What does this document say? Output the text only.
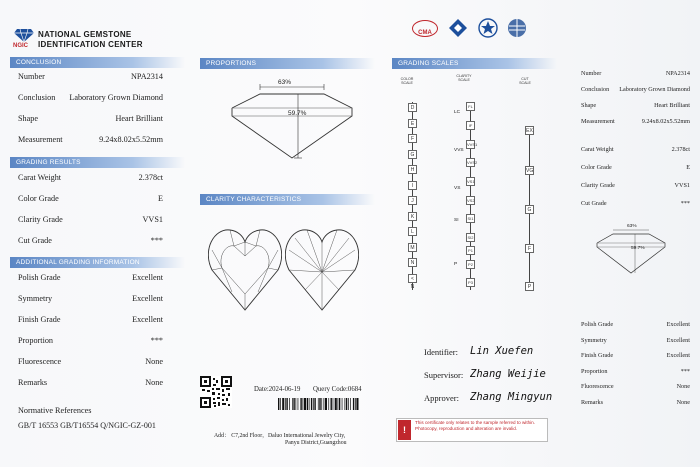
NGIC
NATIONAL GEMSTONE
IDENTIFICATION CENTER
CONCLUSION
GRADING RESULTS
ADDITIONAL GRADING INFORMATION
Normative References
GB/T 16553 GB/T16554 Q/NGIC-GZ-001
PROPORTIONS
63%
59.7%
CLARITY CHARACTERISTICS
Date:2024-06-19 Query Code:0684
Add： C7,2nd Floor，Daluo International Jewelry City,
Panyu District,Guangzhou
CMA
GRADING SCALES
COLOR SCALE
CLARITY SCALE	CUT SCALE
!
This certificate only relates to the sample referred to within. Photocopy, reproduction and alteration are invalid.
63%
59.7%
Number	NPA2314
Conclusion Laboratory Grown Diamond
Shape	Heart Brilliant
Measurement	9.24x8.02x5.52mm
Carat Weight	2.378ct
Color Grade	E
Clarity Grade	VVS1
Cut Grade	***
Polish Grade	Excellent
Symmetry	Excellent
Finish Grade	Excellent
Proportion	***
Fluorescence	None
Remarks	None
Number	NPA2314
Conclusion Laboratory Grown Diamond
Shape	Heart Brilliant
Measurement	9.24x8.02x5.52mm
Carat Weight	2.378ct
Color Grade	E
Clarity Grade	VVS1
Cut Grade	***
Polish Grade	Excellent
Symmetry	Excellent
Finish Grade	Excellent
Proportion	***
Fluorescence	None
Remarks	None
D
E
F
G
H
I
J
K
L
M
N
< N
FL
IF
VVS1
VVS2
VS1
VS2
SI1
SI2
P1
P2
P3
LC
VVS
VS
SI
P
EX
VG
G
F
P
Identifier: Lin Xuefen
Supervisor: Zhang Weijie
Approver: Zhang Mingyun
